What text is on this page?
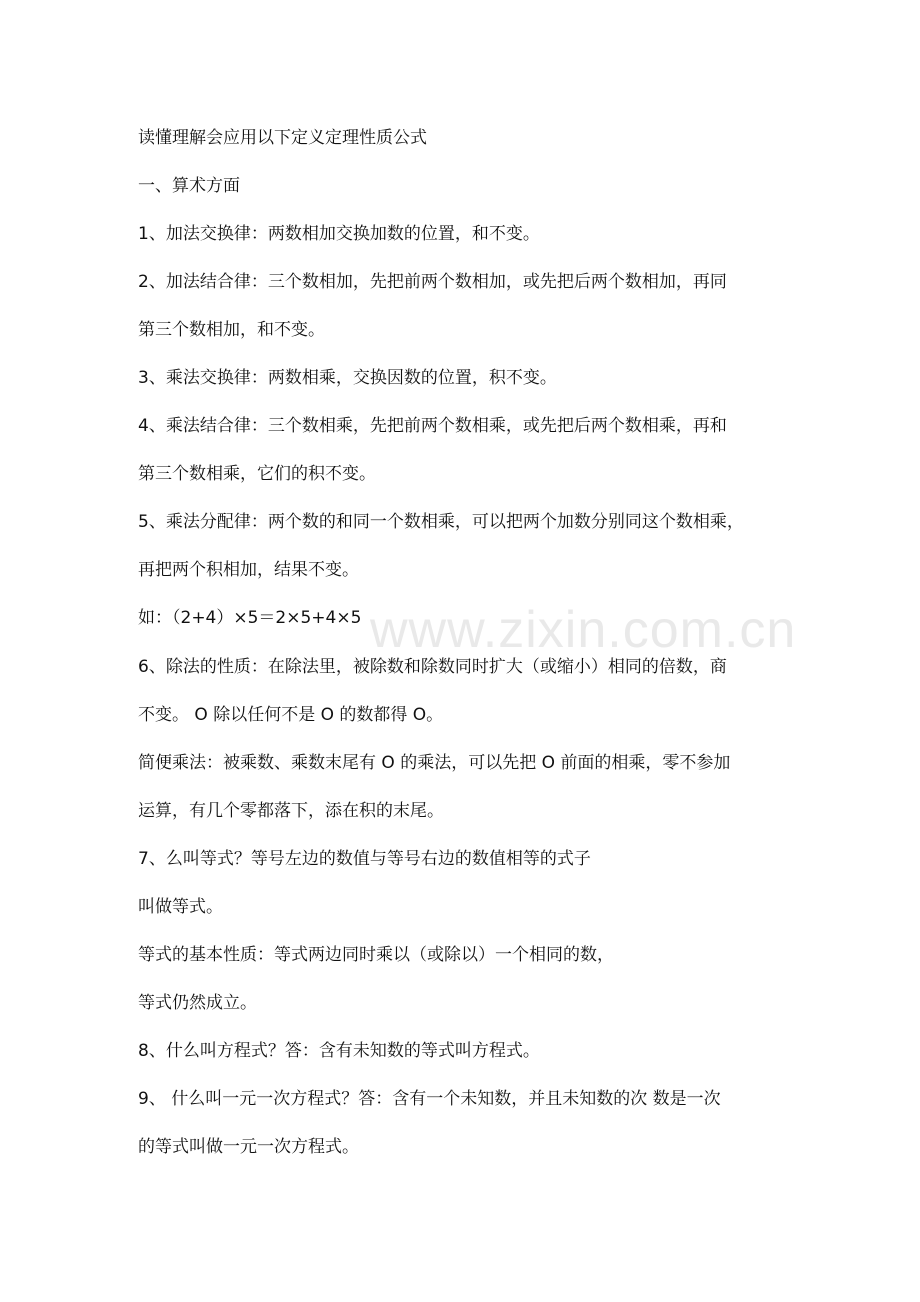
www.zixin.com.cn
读懂理解会应用以下定义定理性质公式
一、算术方面
1、加法交换律：两数相加交换加数的位置，和不变。
2、加法结合律：三个数相加，先把前两个数相加，或先把后两个数相加，再同
第三个数相加，和不变。
3、乘法交换律：两数相乘，交换因数的位置，积不变。
4、乘法结合律：三个数相乘，先把前两个数相乘，或先把后两个数相乘，再和
第三个数相乘，它们的积不变。
5、乘法分配律：两个数的和同一个数相乘，可以把两个加数分别同这个数相乘，
再把两个积相加，结果不变。
如：（2+4）×5＝2×5+4×5
6、除法的性质：在除法里，被除数和除数同时扩大（或缩小）相同的倍数，商
不变。 O 除以任何不是 O 的数都得 O。
简便乘法：被乘数、乘数末尾有 O 的乘法，可以先把 O 前面的相乘，零不参加
运算，有几个零都落下，添在积的末尾。
7、么叫等式？等号左边的数值与等号右边的数值相等的式子
叫做等式。
等式的基本性质：等式两边同时乘以（或除以）一个相同的数，
等式仍然成立。
8、什么叫方程式？答：含有未知数的等式叫方程式。
9、 什么叫一元一次方程式？答：含有一个未知数，并且未知数的次 数是一次
的等式叫做一元一次方程式。
